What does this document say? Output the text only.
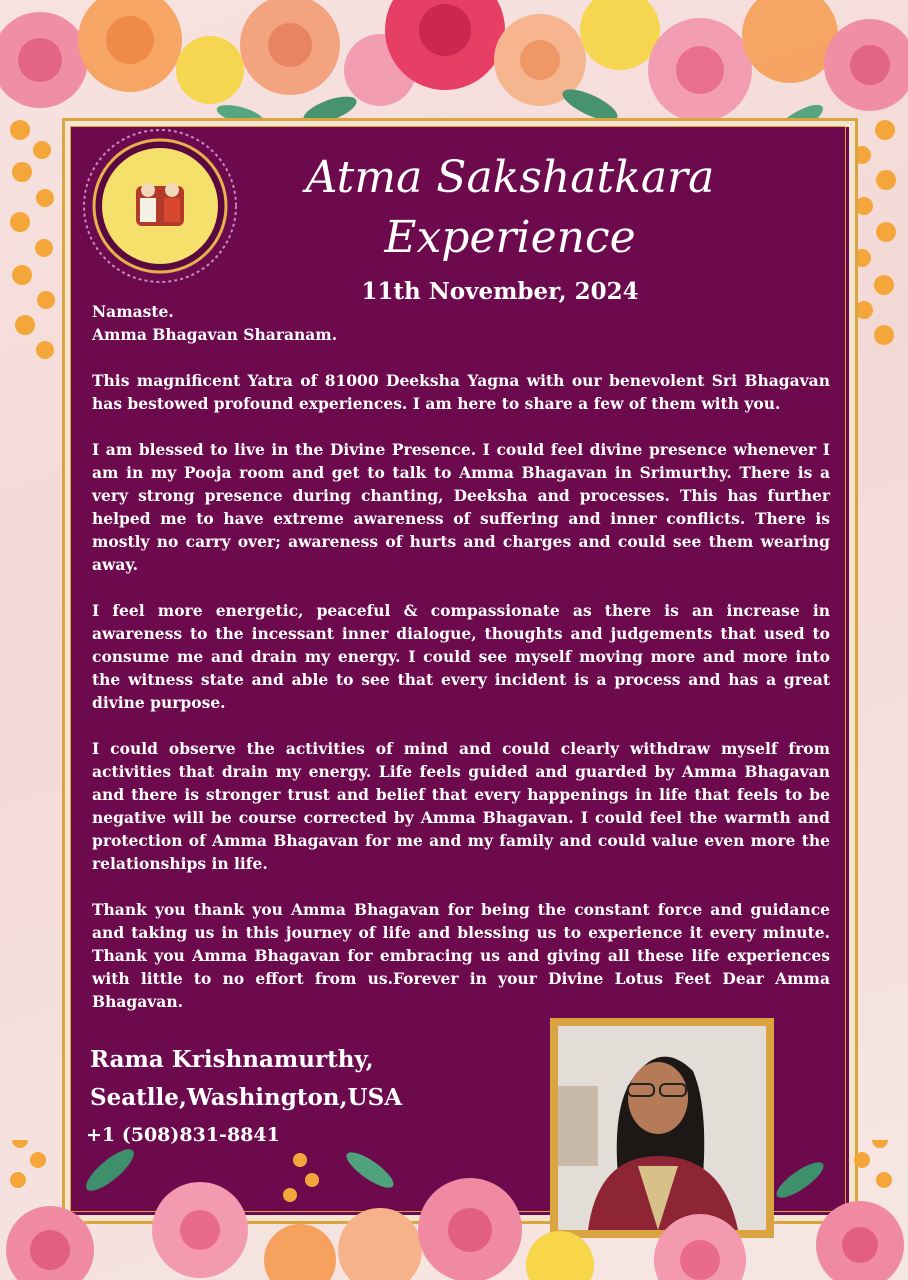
Atma Sakshatkara
Experience
11th November, 2024

Namaste.

Amma Bhagavan Sharanam.

This magnificent Yatra of 81000 Deeksha Yagna with our benevolent Sri Bhagavan has bestowed profound experiences. I am here to share a few of them with you.

I am blessed to live in the Divine Presence. I could feel divine presence whenever I am in my Pooja room and get to talk to Amma Bhagavan in Srimurthy. There is a very strong presence during chanting, Deeksha and processes. This has further helped me to have extreme awareness of suffering and inner conflicts. There is mostly no carry over; awareness of hurts and charges and could see them wearing away.

I feel more energetic, peaceful & compassionate as there is an increase in awareness to the incessant inner dialogue, thoughts and judgements that used to consume me and drain my energy. I could see myself moving more and more into the witness state and able to see that every incident is a process and has a great divine purpose.

I could observe the activities of mind and could clearly withdraw myself from activities that drain my energy. Life feels guided and guarded by Amma Bhagavan and there is stronger trust and belief that every happenings in life that feels to be negative will be course corrected by Amma Bhagavan. I could feel the warmth and protection of Amma Bhagavan for me and my family and could value even more the relationships in life.

Thank you thank you Amma Bhagavan for being the constant force and guidance and taking us in this journey of life and blessing us to experience it every minute. Thank you Amma Bhagavan for embracing us and giving all these life experiences with little to no effort from us.Forever in your Divine Lotus Feet Dear Amma Bhagavan.

Rama Krishnamurthy,
Seatlle,Washington,USA
+1 (508)831-8841
